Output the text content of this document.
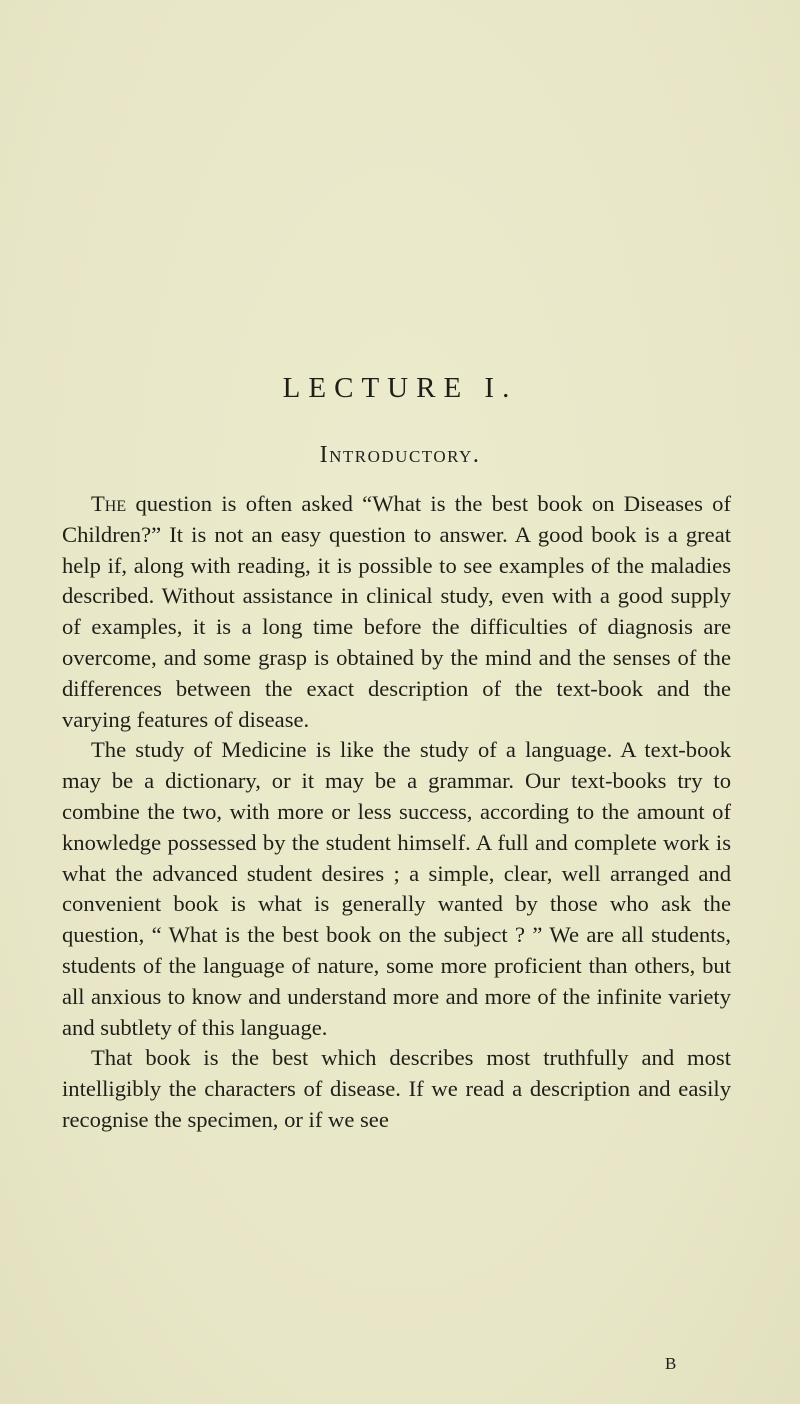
LECTURE I.
Introductory.

The question is often asked “What is the best book on Diseases of Children?” It is not an easy question to answer. A good book is a great help if, along with reading, it is possible to see examples of the maladies described. Without assistance in clinical study, even with a good supply of examples, it is a long time before the difficulties of diagnosis are overcome, and some grasp is obtained by the mind and the senses of the differences between the exact description of the text-book and the varying features of disease.

The study of Medicine is like the study of a language. A text-book may be a dictionary, or it may be a grammar. Our text-books try to combine the two, with more or less success, according to the amount of knowledge possessed by the student himself. A full and complete work is what the advanced student desires ; a simple, clear, well arranged and convenient book is what is generally wanted by those who ask the question, “ What is the best book on the subject ? ” We are all students, students of the language of nature, some more proficient than others, but all anxious to know and understand more and more of the infinite variety and subtlety of this language.

That book is the best which describes most truthfully and most intelligibly the characters of disease. If we read a description and easily recognise the specimen, or if we see

B
